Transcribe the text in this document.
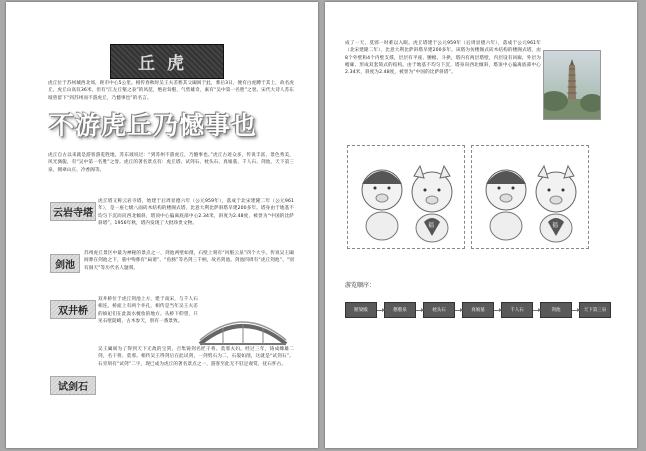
丘虎
虎丘位于苏州城西北郊，距市中心5公里。相传春秋时吴王夫差葬其父阖闾于此，葬后3日，便有白虎蹲于其上，故名虎丘。虎丘山高仅36米，但有“江左丘壑之表”的风范，绝岩耸壑，气势雄奇，素有“吴中第一名胜”之誉。宋代大诗人苏东坡曾留下“到苏州而不游虎丘，乃憾事也”的名言。
不游虎丘乃憾事也
虎丘自古以来就是游客游览胜地，苏东坡说过：“到苏州不游虎丘，乃憾事也。”虎丘古迹众多，传说丰富，景色秀美，风光旖旎，有“吴中第一名胜”之誉。虎丘的著名景点有：虎丘塔、试剑石、枕头石、真娘墓、千人石、剑池、天下第三泉、拥翠山庄、冷香阁等。
云岩寺塔
虎丘塔又称云岩寺塔，始建于后周显德六年（公元959年），落成于北宋建隆二年（公元961年），是一座七级八面砖木结构的楼阁式塔，比意大利比萨斜塔早建200多年。塔身由于地基不均匀下沉而向西北倾斜，塔顶中心偏离底部中心2.34米，斜度为2.48度，被誉为“中国的比萨斜塔”。1956年秋，塔内发现了大批珍贵文物。
剑池
苏州虎丘景区中最为神秘的景点之一，剑池两壁如削，石壁上刻有“风壑云泉”四个大字。传说吴王阖闾葬在剑池之下，墓中殉葬有“扁诸”、“鱼肠”等名剑三千柄，故名剑池。剑池四周有“虎丘剑池”、“别有洞天”等历代名人题刻。
双井桥
双井桥位于虎丘剑池上方，建于南宋，与千人石相连。桥面上有两个井孔，相传是当年吴王夫差的嫔妃们在此汲水梳妆的地方。从桥下仰望，只见石壁陡峭，古木参天，别有一番景致。
吴王阖闾为了得到天下无敌的宝剑，召集铸剑名匠干将、莫邪夫妇。经过三年，铸成雌雄二剑，名干将、莫邪。相传吴王得剑后在此试剑，一剑劈石为二，石裂如削，这就是“试剑石”。石旁刻有“试剑”二字，现已成为虎丘的著名景点之一，游客至此无不驻足观赏，抚石怀古。
试剑石
成了一天，莫邪一时难以入眠。虎丘塔建于公元959年（后周显德六年），落成于公元961年（北宋建隆二年），比意大利比萨斜塔早建200多年。该塔为仿楼阁式砖木结构的楼阁式塔，由8个外壁和4个内壁支撑，层层有平座、腰檐、斗拱，塔内有两层塔壁，内层设有回廊，外层为檐廊，形成双套筒式的结构。由于地基不均匀下沉，塔身向西北倾斜，塔顶中心偏离底部中心2.34米，斜度为2.48度，被誉为“中国的比萨斜塔”。
福	福
游览顺序：
断梁殿	憨憨泉	枕头石	真娘墓	千人石	剑池	天下第三泉
